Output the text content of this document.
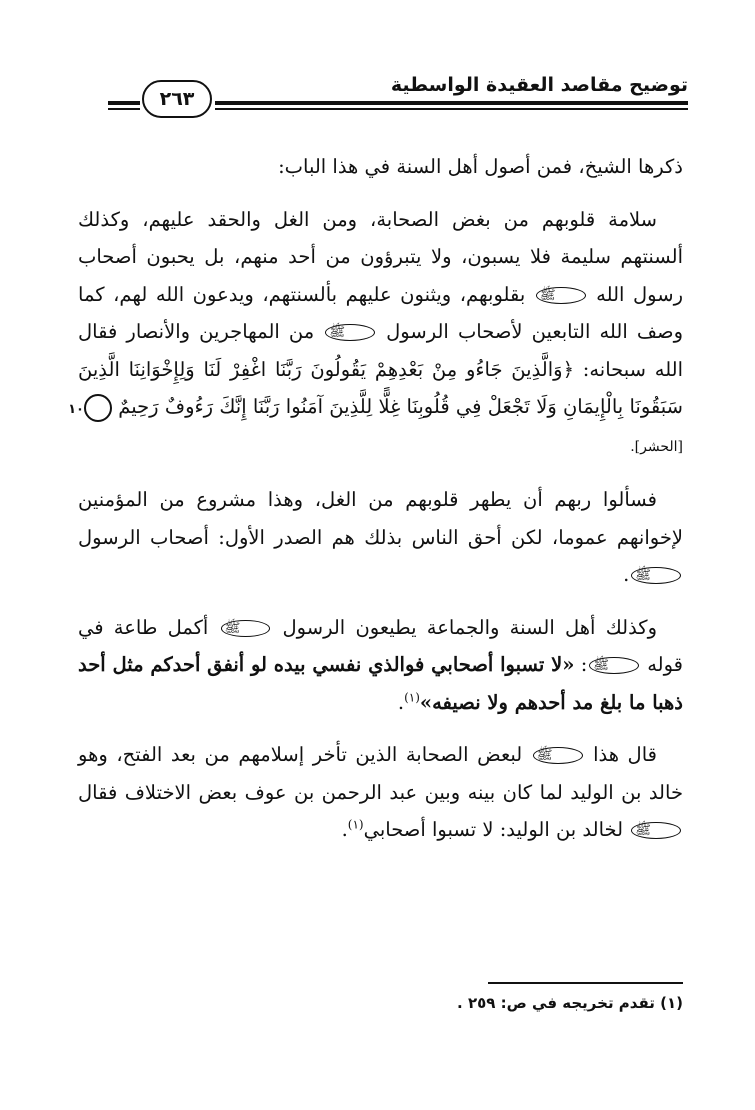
توضيح مقاصد العقيدة الواسطية
٢٦٣

ذكرها الشيخ، فمن أصول أهل السنة في هذا الباب:

سلامة قلوبهم من بغض الصحابة، ومن الغل والحقد عليهم، وكذلك ألسنتهم سليمة فلا يسبون، ولا يتبرؤون من أحد منهم، بل يحبون أصحاب رسول الله ﷺ بقلوبهم، ويثنون عليهم بألسنتهم، ويدعون الله لهم، كما وصف الله التابعين لأصحاب الرسول ﷺ من المهاجرين والأنصار فقال الله سبحانه: ﴿وَالَّذِينَ جَاءُو مِنْ بَعْدِهِمْ يَقُولُونَ رَبَّنَا اغْفِرْ لَنَا وَلِإِخْوَانِنَا الَّذِينَ سَبَقُونَا بِالْإِيمَانِ وَلَا تَجْعَلْ فِي قُلُوبِنَا غِلًّا لِلَّذِينَ آمَنُوا رَبَّنَا إِنَّكَ رَءُوفٌ رَحِيمٌ ١٠ [الحشر].

فسألوا ربهم أن يطهر قلوبهم من الغل، وهذا مشروع من المؤمنين لإخوانهم عموما، لكن أحق الناس بذلك هم الصدر الأول: أصحاب الرسول ﷺ.

وكذلك أهل السنة والجماعة يطيعون الرسول ﷺ أكمل طاعة في قوله ﷺ: «لا تسبوا أصحابي فوالذي نفسي بيده لو أنفق أحدكم مثل أحد ذهبا ما بلغ مد أحدهم ولا نصيفه»$^{(١)}$.

قال هذا ﷺ لبعض الصحابة الذين تأخر إسلامهم من بعد الفتح، وهو خالد بن الوليد لما كان بينه وبين عبد الرحمن بن عوف بعض الاختلاف فقال ﷺ لخالد بن الوليد: لا تسبوا أصحابي$^{(١)}$.

(١) تقدم تخريجه في ص: ٢٥٩ .
